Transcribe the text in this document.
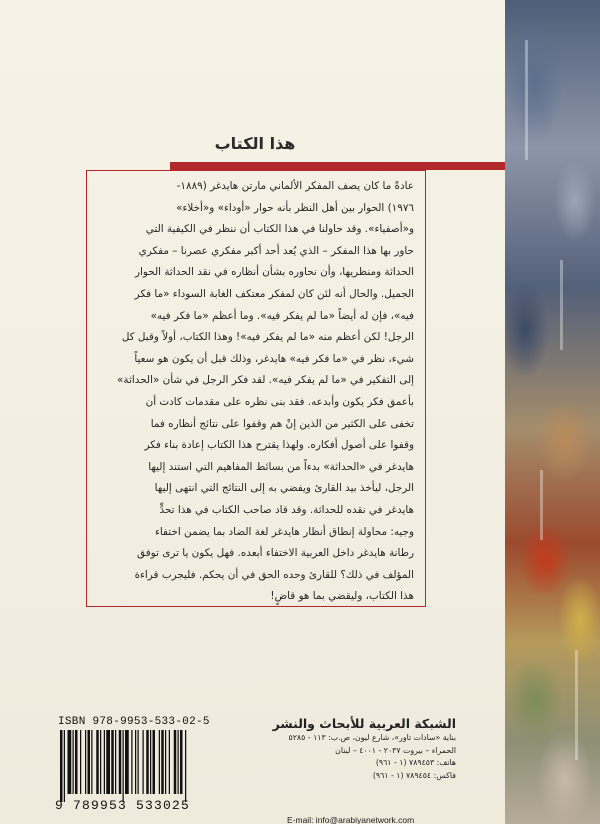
هذا الكتاب
عادةً ما كان يصف المفكر الألماني مارتن هايدغر (١٨٨٩-
١٩٧٦) الحوار بين أهل النظر بأنه حوار «أوداء» و«أخلاء»
و«أصفياء». وقد حاولنا في هذا الكتاب أن ننظر في الكيفية التي
حاور بها هذا المفكر – الذي يُعد أحد أكبر مفكري عصرنا – مفكري
الحداثة ومنظريها، وأن نحاوره بشأن أنظاره في نقد الحداثة الحوار
الجميل. والحال أنه لئن كان لمفكر معتكف الغابة السوداء «ما فكر
فيه»، فإن له أيضاً «ما لم يفكر فيه». وما أعظم «ما فكر فيه»
الرجل! لكن أعظم منه «ما لم يفكر فيه»! وهذا الكتاب، أولاً وقبل كل
شيء، نظر في «ما فكر فيه» هايدغر، وذلك قبل أن يكون هو سعياً
إلى التفكير في «ما لم يفكر فيه». لقد فكر الرجل في شأن «الحداثة»
بأعمق فكر يكون وأبدعه. فقد بنى نظره على مقدمات كادت أن
تخفى على الكثير من الذين إنْ هم وقفوا على نتائج أنظاره فما
وقفوا على أصول أفكاره. ولهذا يقترح هذا الكتاب إعادة بناء فكر
هايدغر في «الحداثة» بدءاً من بسائط المفاهيم التي استند إليها
الرجل، ليأخذ بيد القارئ ويفضي به إلى النتائج التي انتهى إليها
هايدغر في نقده للحداثة. وقد قاد صاحب الكتاب في هذا تحدٍّ
وجيه: محاولة إنطاق أنظار هايدغر لغة الضاد بما يضمن اختفاء
رطانة هايدغر داخل العربية الاختفاء أبعده. فهل يكون يا ترى توفق
المؤلف في ذلك؟ للقارئ وحده الحق في أن يحكم. فليجرب قراءة
هذا الكتاب، وليقضي بما هو قاضٍ!
ISBN 978-9953-533-02-5
9 789953 533025
الشبكة العربية للأبحاث والنشر
بناية «سادات تاور»، شارع ليون، ص.ب: ١١٣ - ٥٢٨٥
الحمراء – بيروت ٢٠٣٧ - ٤٠٠١ – لبنان
هاتف: ٧٨٩٤٥٣ (١ - ٩٦١)
فاكس: ٧٨٩٤٥٤ (١ - ٩٦١)
E-mail: info@arabiyanetwork.com
